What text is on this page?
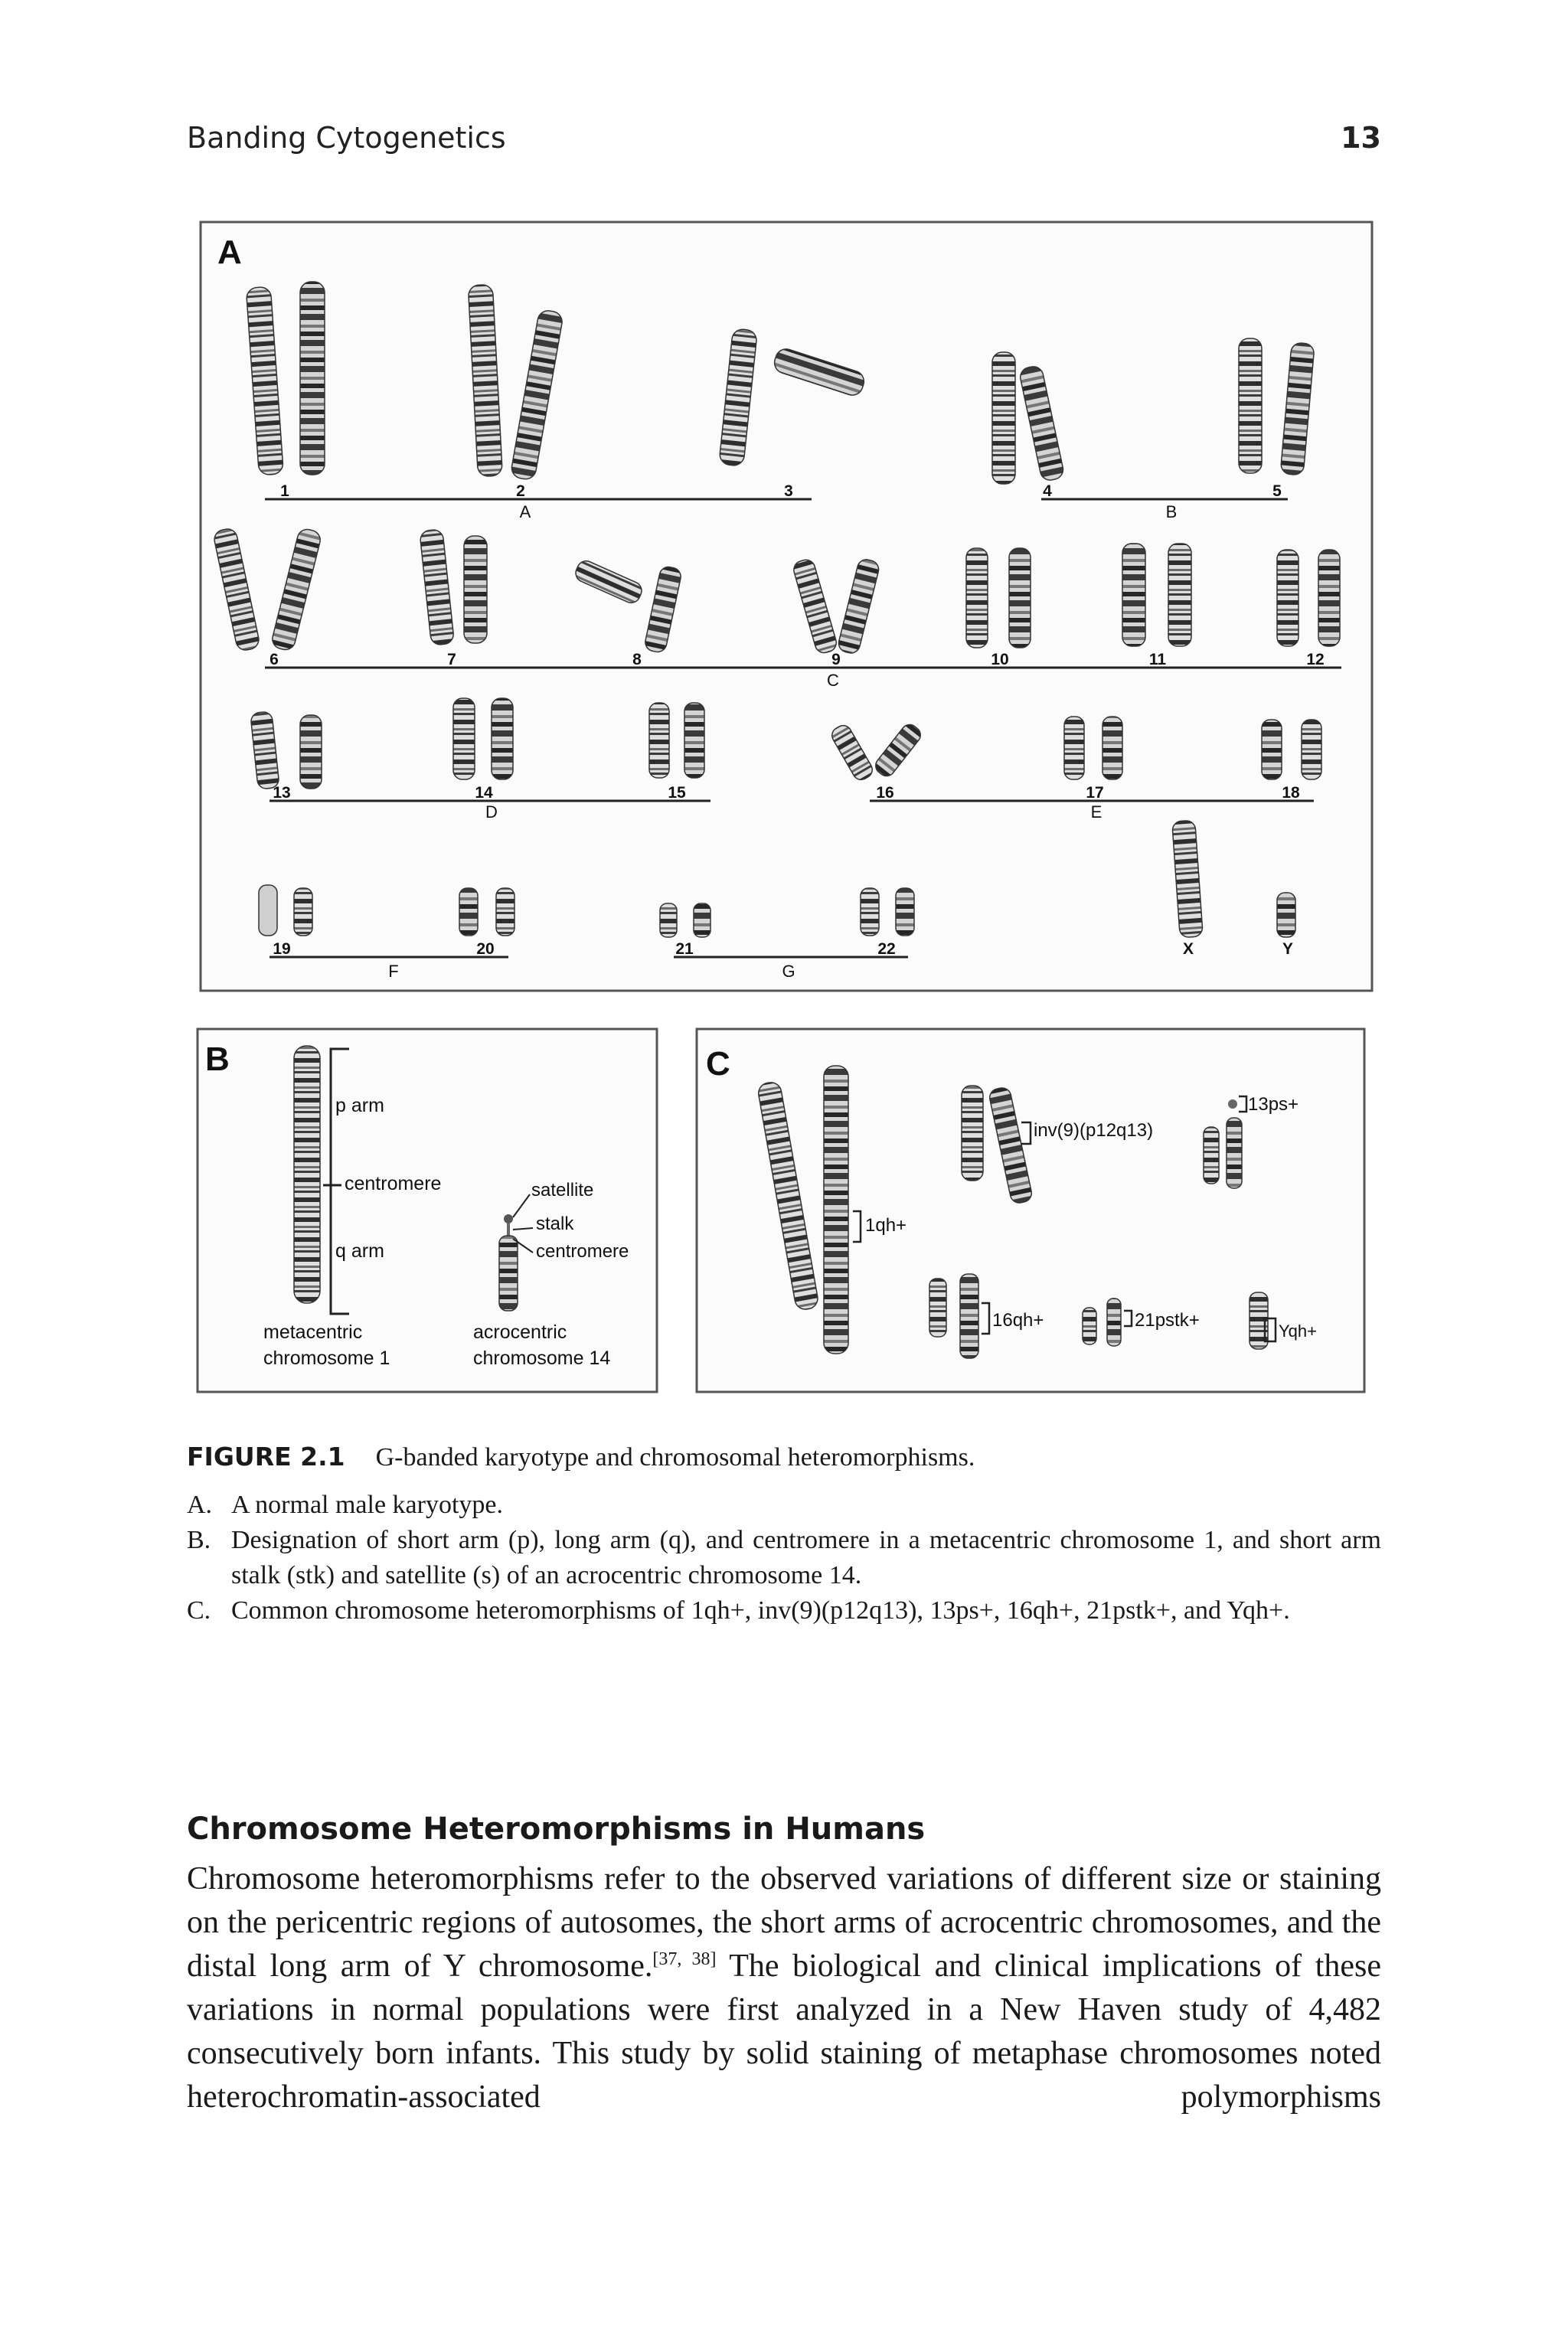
Banding Cytogenetics	13
A
1	2	3	4	5
6	7	8	9	10	11	12
13	14	15	16	17	18
19	20	21	22	X	Y
A	B
C
D	E
F	G
B
p arm
centromere
q arm
satellite
stalk
centromere
metacentric
chromosome 1
acrocentric
chromosome 14
C
1qh+
inv(9)(p12q13)
13ps+
16qh+	21pstk+
Yqh+
FIGURE 2.1 G-banded karyotype and chromosomal heteromorphisms.
A. A normal male karyotype.
B. Designation of short arm (p), long arm (q), and centromere in a metacentric chromosome 1, and short arm stalk (stk) and satellite (s) of an acrocentric chromosome 14.
C. Common chromosome heteromorphisms of 1qh+, inv(9)(p12q13), 13ps+, 16qh+, 21pstk+, and Yqh+.
Chromosome Heteromorphisms in Humans

Chromosome heteromorphisms refer to the observed variations of different size or staining on the pericentric regions of autosomes, the short arms of acrocentric chromosomes, and the distal long arm of Y chromosome.[37, 38] The biological and clinical implications of these variations in normal populations were first analyzed in a New Haven study of 4,482 consecutively born infants. This study by solid staining of metaphase chromosomes noted heterochromatin-associated polymorphisms
